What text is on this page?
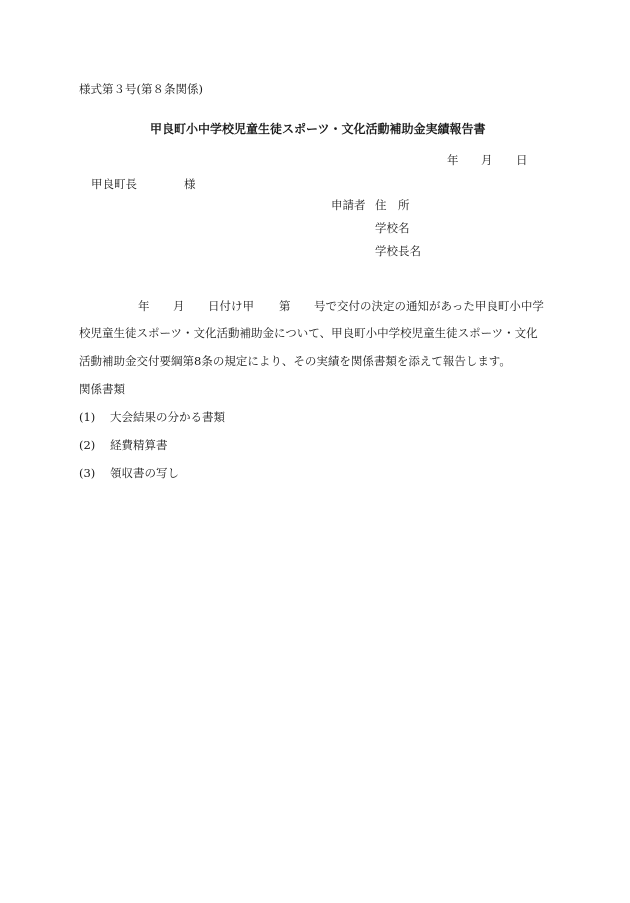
様式第３号(第８条関係)
甲良町小中学校児童生徒スポーツ・文化活動補助金実績報告書
年 月 日
甲良町長	様
申請者 住　所
学校名
学校長名
年 月 日付け甲 第 号で交付の決定の通知があった甲良町小中学
校児童生徒スポーツ・文化活動補助金について、甲良町小中学校児童生徒スポーツ・文化
活動補助金交付要綱第8条の規定により、その実績を関係書類を添えて報告します。
関係書類
(1) 大会結果の分かる書類
(2) 経費精算書
(3) 領収書の写し
